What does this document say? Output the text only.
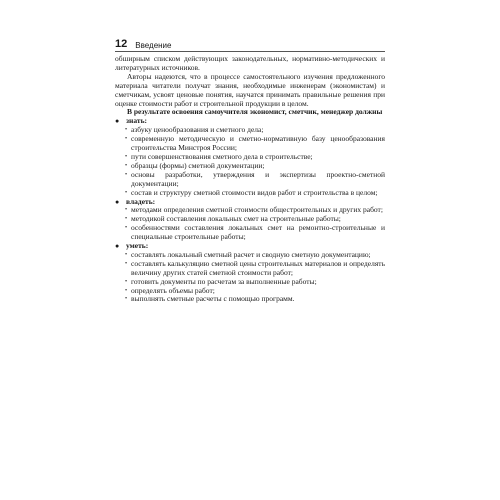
12 Введение

обширным списком действующих законодательных, нормативно-методических и литературных источников.

Авторы надеются, что в процессе самостоятельного изучения предложенного материала читатели получат знания, необходимые инженерам (экономистам) и сметчикам, усвоят ценовые понятия, научатся принимать правильные решения при оценке стоимости работ и строительной продукции в целом.

В результате освоения самоучителя экономист, сметчик, менеджер должны

● знать:
• азбуку ценообразования и сметного дела;
• современную методическую и сметно-нормативную базу ценообразования строительства Минстроя России;
• пути совершенствования сметного дела в строительстве;
• образцы (формы) сметной документации;
• основы разработки, утверждения и экспертизы проектно-сметной документации;
• состав и структуру сметной стоимости видов работ и строительства в целом;
● владеть:
• методами определения сметной стоимости общестроительных и других работ;
• методикой составления локальных смет на строительные работы;
• особенностями составления локальных смет на ремонтно-строительные и специальные строительные работы;
● уметь:
• составлять локальный сметный расчет и сводную сметную документацию;
• составлять калькуляцию сметной цены строительных материалов и определять величину других статей сметной стоимости работ;
• готовить документы по расчетам за выполненные работы;
• определять объемы работ;
• выполнять сметные расчеты с помощью программ.
